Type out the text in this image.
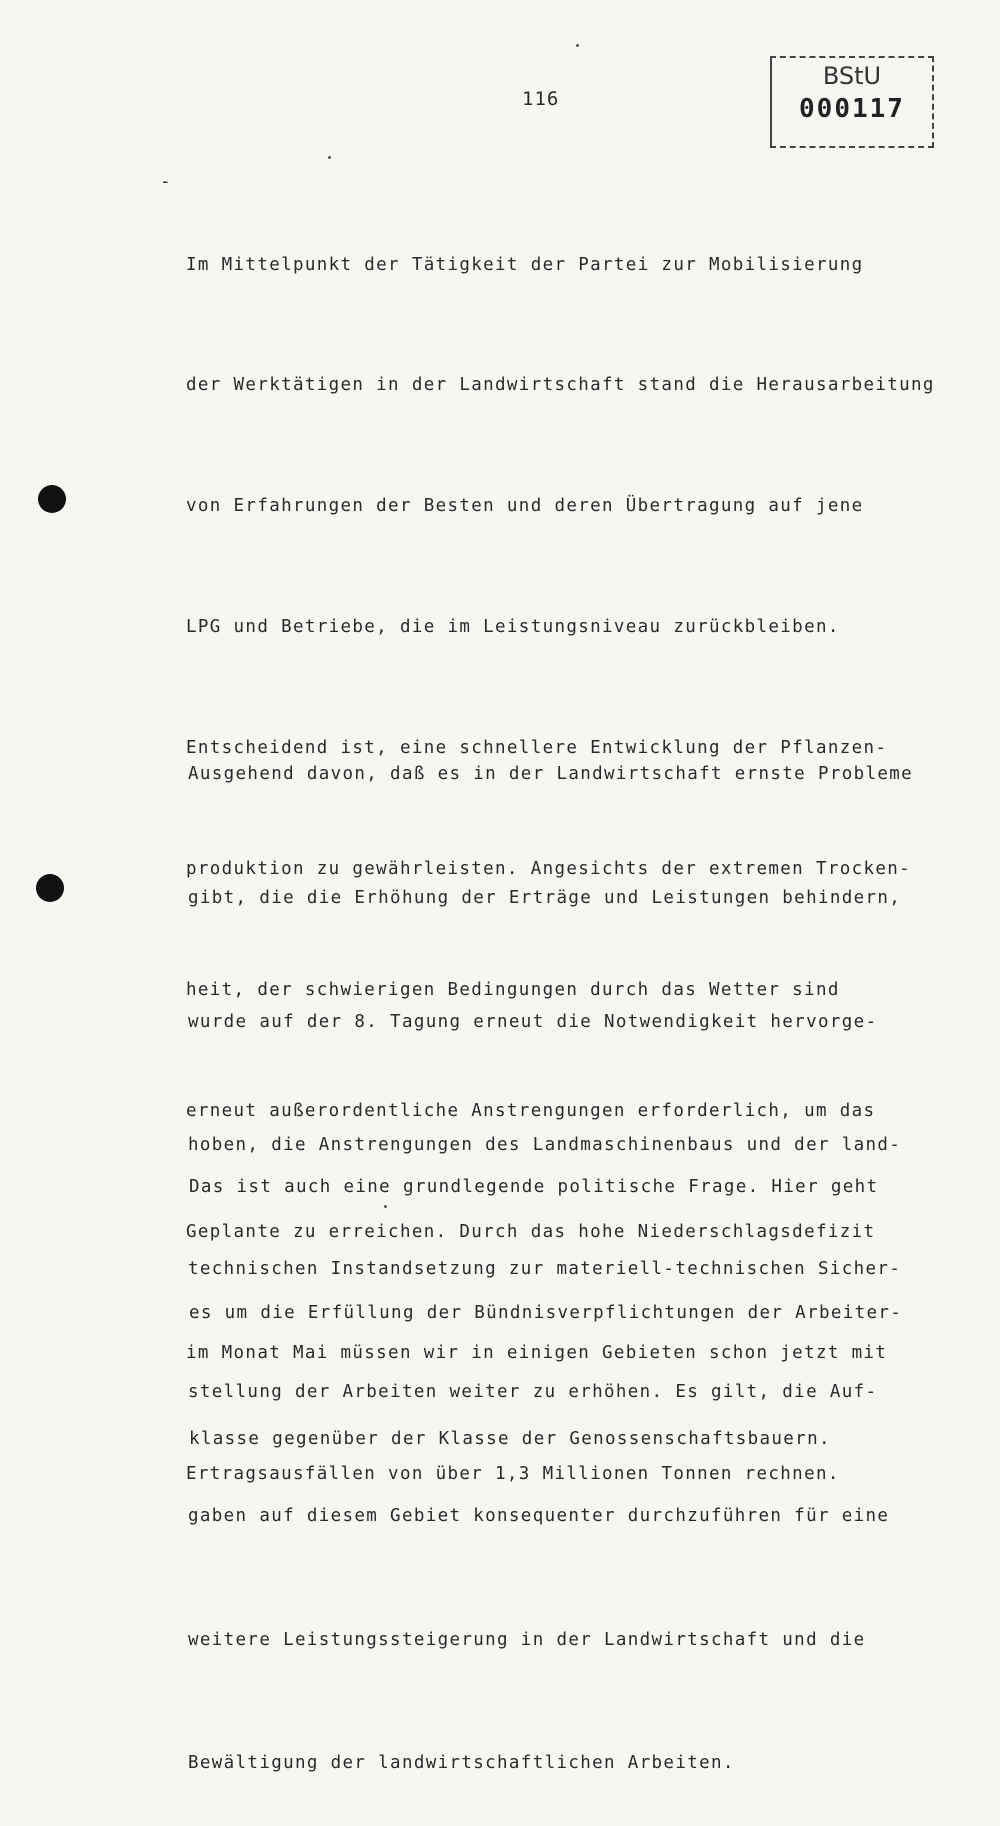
116
BStU
000117
-

Im Mittelpunkt der Tätigkeit der Partei zur Mobilisierung

der Werktätigen in der Landwirtschaft stand die Herausarbeitung

von Erfahrungen der Besten und deren Übertragung auf jene

LPG und Betriebe, die im Leistungsniveau zurückbleiben.

Entscheidend ist, eine schnellere Entwicklung der Pflanzen-

produktion zu gewährleisten. Angesichts der extremen Trocken-

heit, der schwierigen Bedingungen durch das Wetter sind

erneut außerordentliche Anstrengungen erforderlich, um das

Geplante zu erreichen. Durch das hohe Niederschlagsdefizit

im Monat Mai müssen wir in einigen Gebieten schon jetzt mit

Ertragsausfällen von über 1,3 Millionen Tonnen rechnen.

Ausgehend davon, daß es in der Landwirtschaft ernste Probleme

gibt, die die Erhöhung der Erträge und Leistungen behindern,

wurde auf der 8. Tagung erneut die Notwendigkeit hervorge-

hoben, die Anstrengungen des Landmaschinenbaus und der land-

technischen Instandsetzung zur materiell-technischen Sicher-

stellung der Arbeiten weiter zu erhöhen. Es gilt, die Auf-

gaben auf diesem Gebiet konsequenter durchzuführen für eine

weitere Leistungssteigerung in der Landwirtschaft und die

Bewältigung der landwirtschaftlichen Arbeiten.

Das ist auch eine grundlegende politische Frage. Hier geht

es um die Erfüllung der Bündnisverpflichtungen der Arbeiter-

klasse gegenüber der Klasse der Genossenschaftsbauern.
